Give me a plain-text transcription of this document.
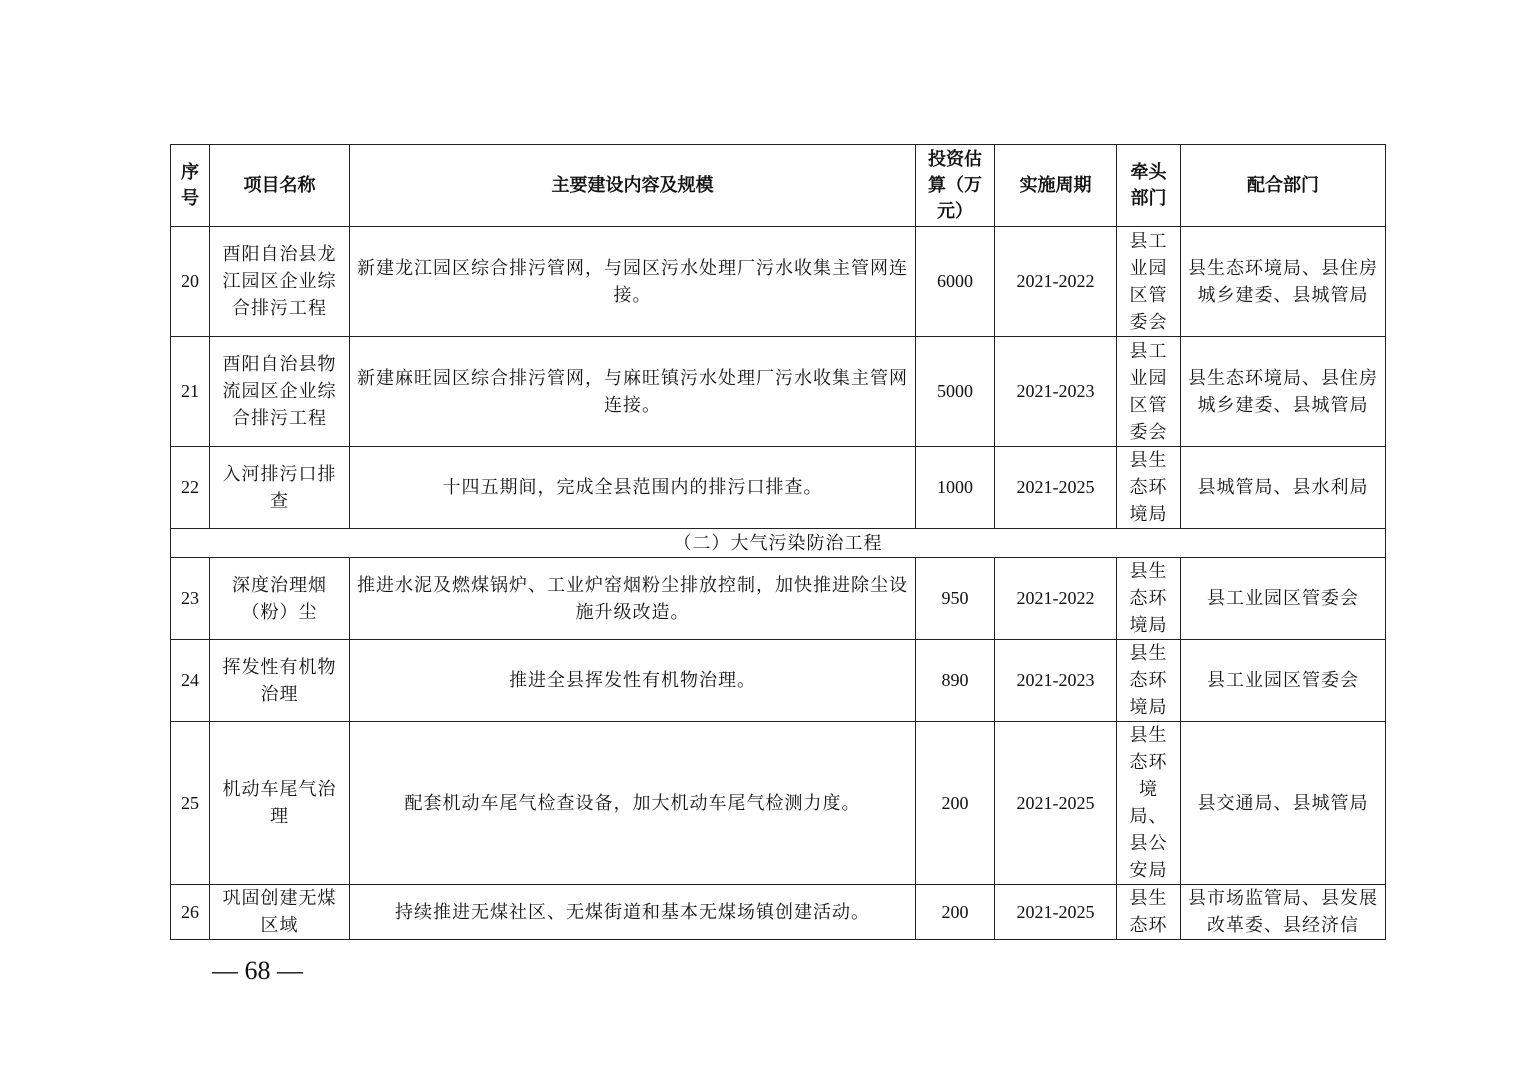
序号	项目名称	主要建设内容及规模	投资估算（万元）	实施周期	牵头部门	配合部门
20	酉阳自治县龙江园区企业综合排污工程	新建龙江园区综合排污管网，与园区污水处理厂污水收集主管网连接。	6000	2021-2022	县工业园区管委会	县生态环境局、县住房城乡建委、县城管局
21	酉阳自治县物流园区企业综合排污工程	新建麻旺园区综合排污管网，与麻旺镇污水处理厂污水收集主管网连接。	5000	2021-2023	县工业园区管委会	县生态环境局、县住房城乡建委、县城管局
22	入河排污口排查	十四五期间，完成全县范围内的排污口排查。	1000	2021-2025	县生态环境局	县城管局、县水利局
（二）大气污染防治工程						
23	深度治理烟（粉）尘	推进水泥及燃煤锅炉、工业炉窑烟粉尘排放控制，加快推进除尘设施升级改造。	950	2021-2022	县生态环境局	县工业园区管委会
24	挥发性有机物治理	推进全县挥发性有机物治理。	890	2021-2023	县生态环境局	县工业园区管委会
25	机动车尾气治理	配套机动车尾气检查设备，加大机动车尾气检测力度。	200	2021-2025	县生态环境局、县公安局	县交通局、县城管局
26	巩固创建无煤区域	持续推进无煤社区、无煤街道和基本无煤场镇创建活动。	200	2021-2025	县生态环	县市场监管局、县发展改革委、县经济信
— 68 —
